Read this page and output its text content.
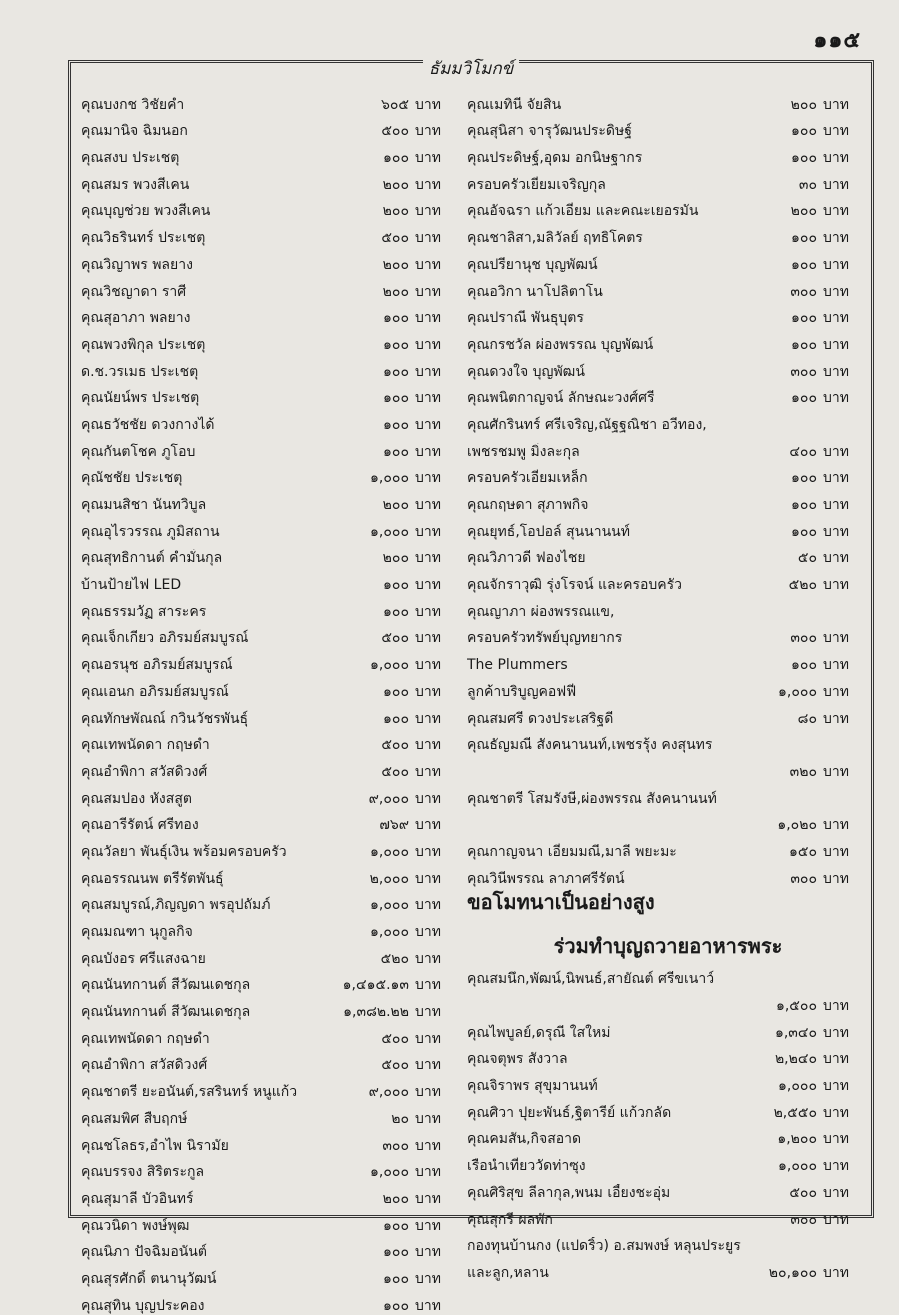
๑๑๕
ธัมมวิโมกข์
คุณบงกช วิชัยคำ	๖๐๕ บาท
คุณมานิจ ฉิมนอก	๕๐๐ บาท
คุณสงบ ประเชตุ	๑๐๐ บาท
คุณสมร พวงสีเคน	๒๐๐ บาท
คุณบุญช่วย พวงสีเคน	๒๐๐ บาท
คุณวิธรินทร์ ประเชตุ	๕๐๐ บาท
คุณวิญาพร พลยาง	๒๐๐ บาท
คุณวิชญาดา ราศี	๒๐๐ บาท
คุณสุอาภา พลยาง	๑๐๐ บาท
คุณพวงพิกุล ประเชตุ	๑๐๐ บาท
ด.ช.วรเมธ ประเชตุ	๑๐๐ บาท
คุณนัยน์พร ประเชตุ	๑๐๐ บาท
คุณธวัชชัย ดวงกางได้	๑๐๐ บาท
คุณกันตโชค ภูโอบ	๑๐๐ บาท
คุณัชชัย ประเชตุ	๑,๐๐๐ บาท
คุณมนสิชา นันทวิบูล	๒๐๐ บาท
คุณอุไรวรรณ ภูมิสถาน	๑,๐๐๐ บาท
คุณสุทธิกานต์ คำมั่นกุล	๒๐๐ บาท
บ้านป้ายไฟ LED	๑๐๐ บาท
คุณธรรมวัฏ สาระคร	๑๐๐ บาท
คุณเจ็กเกียว อภิรมย์สมบูรณ์	๕๐๐ บาท
คุณอรนุช อภิรมย์สมบูรณ์	๑,๐๐๐ บาท
คุณเอนก อภิรมย์สมบูรณ์	๑๐๐ บาท
คุณทักษพัณณ์ กวินวัชรพันธุ์	๑๐๐ บาท
คุณเทพนัดดา กฤษดำ	๕๐๐ บาท
คุณอำพิกา สวัสดิวงศ์	๕๐๐ บาท
คุณสมปอง หังสสูต	๙,๐๐๐ บาท
คุณอารีรัตน์ ศรีทอง	๗๖๙ บาท
คุณวัลยา พันธุ์เงิน พร้อมครอบครัว	๑,๐๐๐ บาท
คุณอรรณนพ ตรีรัตพันธุ์	๒,๐๐๐ บาท
คุณสมบูรณ์,ภิญญดา พรอุปถัมภ์	๑,๐๐๐ บาท
คุณมณฑา นุกูลกิจ	๑,๐๐๐ บาท
คุณบังอร ศรีแสงฉาย	๕๒๐ บาท
คุณนันทกานต์ สีวัฒนเดชกุล	๑,๔๑๕.๑๓ บาท
คุณนันทกานต์ สีวัฒนเดชกุล	๑,๓๘๒.๒๒ บาท
คุณเทพนัดดา กฤษดำ	๕๐๐ บาท
คุณอำพิกา สวัสดิวงศ์	๕๐๐ บาท
คุณชาตรี ยะอนันต์,รสรินทร์ หนูแก้ว	๙,๐๐๐ บาท
คุณสมพิศ สืบฤกษ์	๒๐ บาท
คุณชโลธร,อำไพ นิรามัย	๓๐๐ บาท
คุณบรรจง สิริตระกูล	๑,๐๐๐ บาท
คุณสุมาลี บัวอินทร์	๒๐๐ บาท
คุณวนิดา พงษ์พุฒ	๑๐๐ บาท
คุณนิภา ปัจฉิมอนันต์	๑๐๐ บาท
คุณสุรศักดิ์ ตนานุวัฒน์	๑๐๐ บาท
คุณสุทิน บุญประคอง	๑๐๐ บาท
คุณเมทินี จัยสิน	๒๐๐ บาท
คุณสุนิสา จารุวัฒนประดิษฐ์	๑๐๐ บาท
คุณประดิษฐ์,อุดม อกนิษฐากร	๑๐๐ บาท
ครอบครัวเยี่ยมเจริญกุล	๓๐ บาท
คุณอัจฉรา แก้วเอี่ยม และคณะเยอรมัน	๒๐๐ บาท
คุณชาลิสา,มลิวัลย์ ฤทธิโคตร	๑๐๐ บาท
คุณปรียานุช บุญพัฒน์	๑๐๐ บาท
คุณอวิกา นาโปลิตาโน	๓๐๐ บาท
คุณปราณี พันธุบุตร	๑๐๐ บาท
คุณกรชวัล ผ่องพรรณ บุญพัฒน์	๑๐๐ บาท
คุณดวงใจ บุญพัฒน์	๓๐๐ บาท
คุณพนิตกาญจน์ ลักษณะวงศ์ศรี	๑๐๐ บาท
คุณศักรินทร์ ศรีเจริญ,ณัฐฐณิชา อวีทอง,
เพชรชมพู มิ่งละกุล	๔๐๐ บาท
ครอบครัวเอี่ยมเหล็ก	๑๐๐ บาท
คุณกฤษดา สุภาพกิจ	๑๐๐ บาท
คุณยุทธ์,โอปอล์ สุนนานนท์	๑๐๐ บาท
คุณวิภาวดี ฟองไชย	๕๐ บาท
คุณจักราวุฒิ รุ่งโรจน์ และครอบครัว	๕๒๐ บาท
คุณญาภา ผ่องพรรณแข,
ครอบครัวทรัพย์บุญทยากร	๓๐๐ บาท
The Plummers	๑๐๐ บาท
ลูกค้าบริบูญคอฟฟี่	๑,๐๐๐ บาท
คุณสมศรี ดวงประเสริฐดี	๘๐ บาท
คุณธัญมณี สังคนานนท์,เพชรรุ้ง คงสุนทร
๓๒๐ บาท
คุณชาตรี โสมรังษี,ผ่องพรรณ สังคนานนท์
๑,๐๒๐ บาท
คุณกาญจนา เอี่ยมมณี,มาลี พยะมะ	๑๕๐ บาท
คุณวินีพรรณ ลาภาศรีรัตน์	๓๐๐ บาท
ขอโมทนาเป็นอย่างสูง
ร่วมทำบุญถวายอาหารพระ
คุณสมนึก,พัฒน์,นิพนธ์,สายัณต์ ศรีขเนาว์
๑,๕๐๐ บาท
คุณไพบูลย์,ดรุณี ใสใหม่	๑,๓๔๐ บาท
คุณจตุพร สังวาล	๒,๒๔๐ บาท
คุณจิราพร สุขุมานนท์	๑,๐๐๐ บาท
คุณศิวา ปุยะพันธ์,ฐิตารีย์ แก้วกลัด	๒,๕๕๐ บาท
คุณคมสัน,กิจสอาด	๑,๒๐๐ บาท
เรือนำเที่ยววัดท่าซุง	๑,๐๐๐ บาท
คุณศิริสุข ลีลากุล,พนม เอี้ยงชะอุ่ม	๕๐๐ บาท
คุณสุกรี ผลพัก	๓๐๐ บาท
กองทุนบ้านกง (แปดริ้ว) อ.สมพงษ์ หลุนประยูร
และลูก,หลาน	๒๐,๑๐๐ บาท
